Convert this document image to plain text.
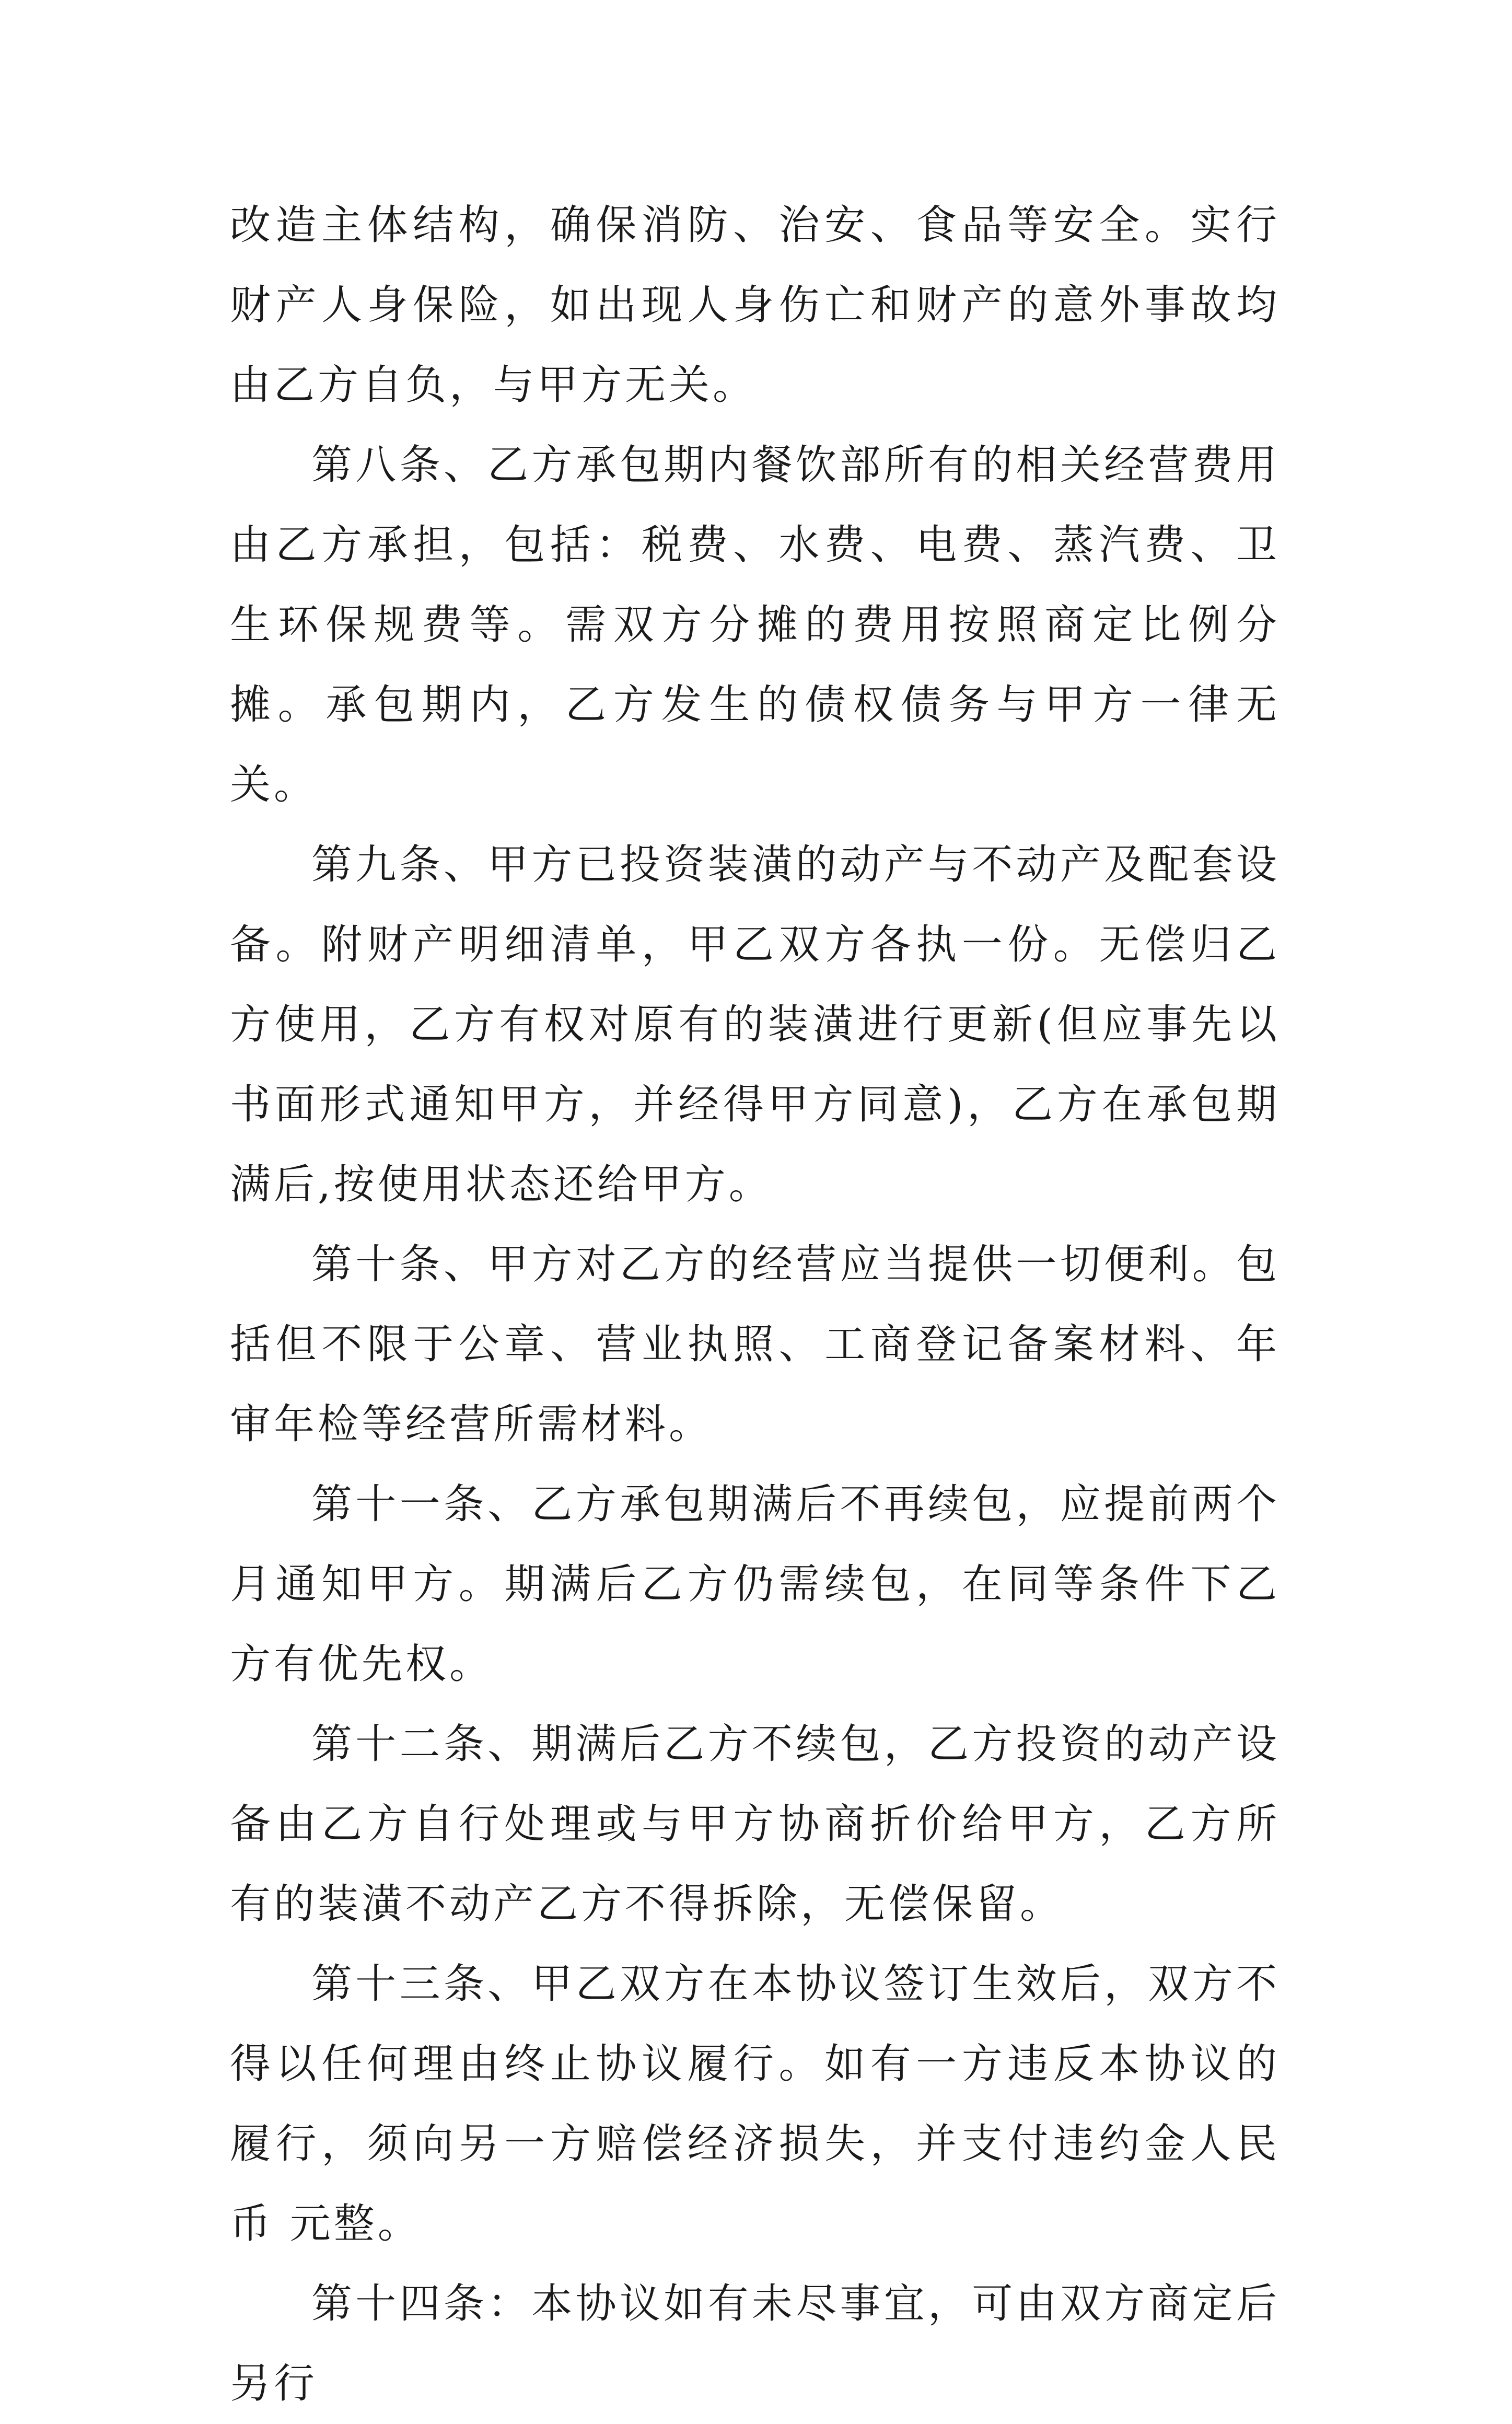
改造主体结构，确保消防、治安、食品等安全。实行财产人身保险，如出现人身伤亡和财产的意外事故均由乙方自负，与甲方无关。

第八条、乙方承包期内餐饮部所有的相关经营费用由乙方承担，包括：税费、水费、电费、蒸汽费、卫生环保规费等。需双方分摊的费用按照商定比例分摊。承包期内，乙方发生的债权债务与甲方一律无关。

第九条、甲方已投资装潢的动产与不动产及配套设备。附财产明细清单，甲乙双方各执一份。无偿归乙方使用，乙方有权对原有的装潢进行更新(但应事先以书面形式通知甲方，并经得甲方同意)，乙方在承包期满后,按使用状态还给甲方。

第十条、甲方对乙方的经营应当提供一切便利。包括但不限于公章、营业执照、工商登记备案材料、年审年检等经营所需材料。

第十一条、乙方承包期满后不再续包，应提前两个月通知甲方。期满后乙方仍需续包，在同等条件下乙方有优先权。

第十二条、期满后乙方不续包，乙方投资的动产设备由乙方自行处理或与甲方协商折价给甲方，乙方所有的装潢不动产乙方不得拆除，无偿保留。

第十三条、甲乙双方在本协议签订生效后，双方不得以任何理由终止协议履行。如有一方违反本协议的履行，须向另一方赔偿经济损失，并支付违约金人民币 元整。

第十四条：本协议如有未尽事宜，可由双方商定后另行
